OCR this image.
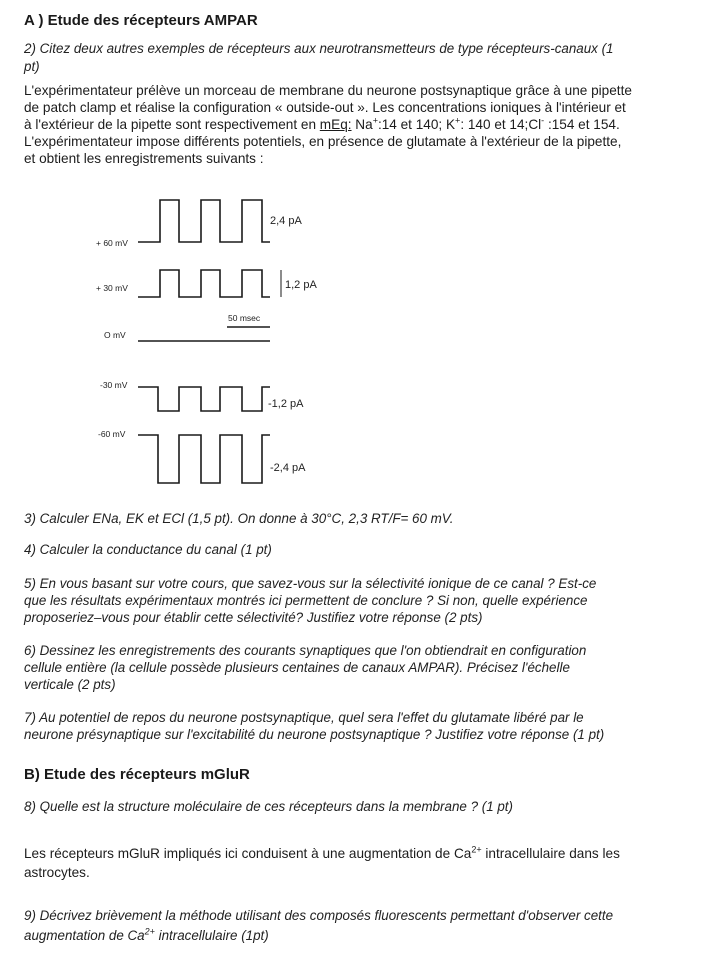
A ) Etude des récepteurs AMPAR

2) Citez deux autres exemples de récepteurs aux neurotransmetteurs de type récepteurs-canaux (1

pt)

L'expérimentateur prélève un morceau de membrane du neurone postsynaptique grâce à une pipette

de patch clamp et réalise la configuration « outside-out ». Les concentrations ioniques à l'intérieur et

à l'extérieur de la pipette sont respectivement en mEq: Na+:14 et 140; K+: 140 et 14;Cl- :154 et 154.

L'expérimentateur impose différents potentiels, en présence de glutamate à l'extérieur de la pipette,

et obtient les enregistrements suivants :

50 msec
+ 60 mV
+ 30 mV
O mV
-30 mV
-60 mV
2,4 pA
1,2 pA
-1,2 pA
-2,4 pA

3) Calculer ENa, EK et ECl (1,5 pt). On donne à 30°C, 2,3 RT/F= 60 mV.

4) Calculer la conductance du canal (1 pt)

5) En vous basant sur votre cours, que savez-vous sur la sélectivité ionique de ce canal ? Est-ce

que les résultats expérimentaux montrés ici permettent de conclure ? Si non, quelle expérience

proposeriez–vous pour établir cette sélectivité? Justifiez votre réponse (2 pts)

6) Dessinez les enregistrements des courants synaptiques que l'on obtiendrait en configuration

cellule entière (la cellule possède plusieurs centaines de canaux AMPAR). Précisez l'échelle

verticale (2 pts)

7) Au potentiel de repos du neurone postsynaptique, quel sera l'effet du glutamate libéré par le

neurone présynaptique sur l'excitabilité du neurone postsynaptique ? Justifiez votre réponse (1 pt)

B) Etude des récepteurs mGluR

8) Quelle est la structure moléculaire de ces récepteurs dans la membrane ? (1 pt)

Les récepteurs mGluR impliqués ici conduisent à une augmentation de $Ca^{2+}$ intracellulaire dans les

astrocytes.

9) Décrivez brièvement la méthode utilisant des composés fluorescents permettant d'observer cette

augmentation de $Ca^{2+}$ intracellulaire (1pt)
